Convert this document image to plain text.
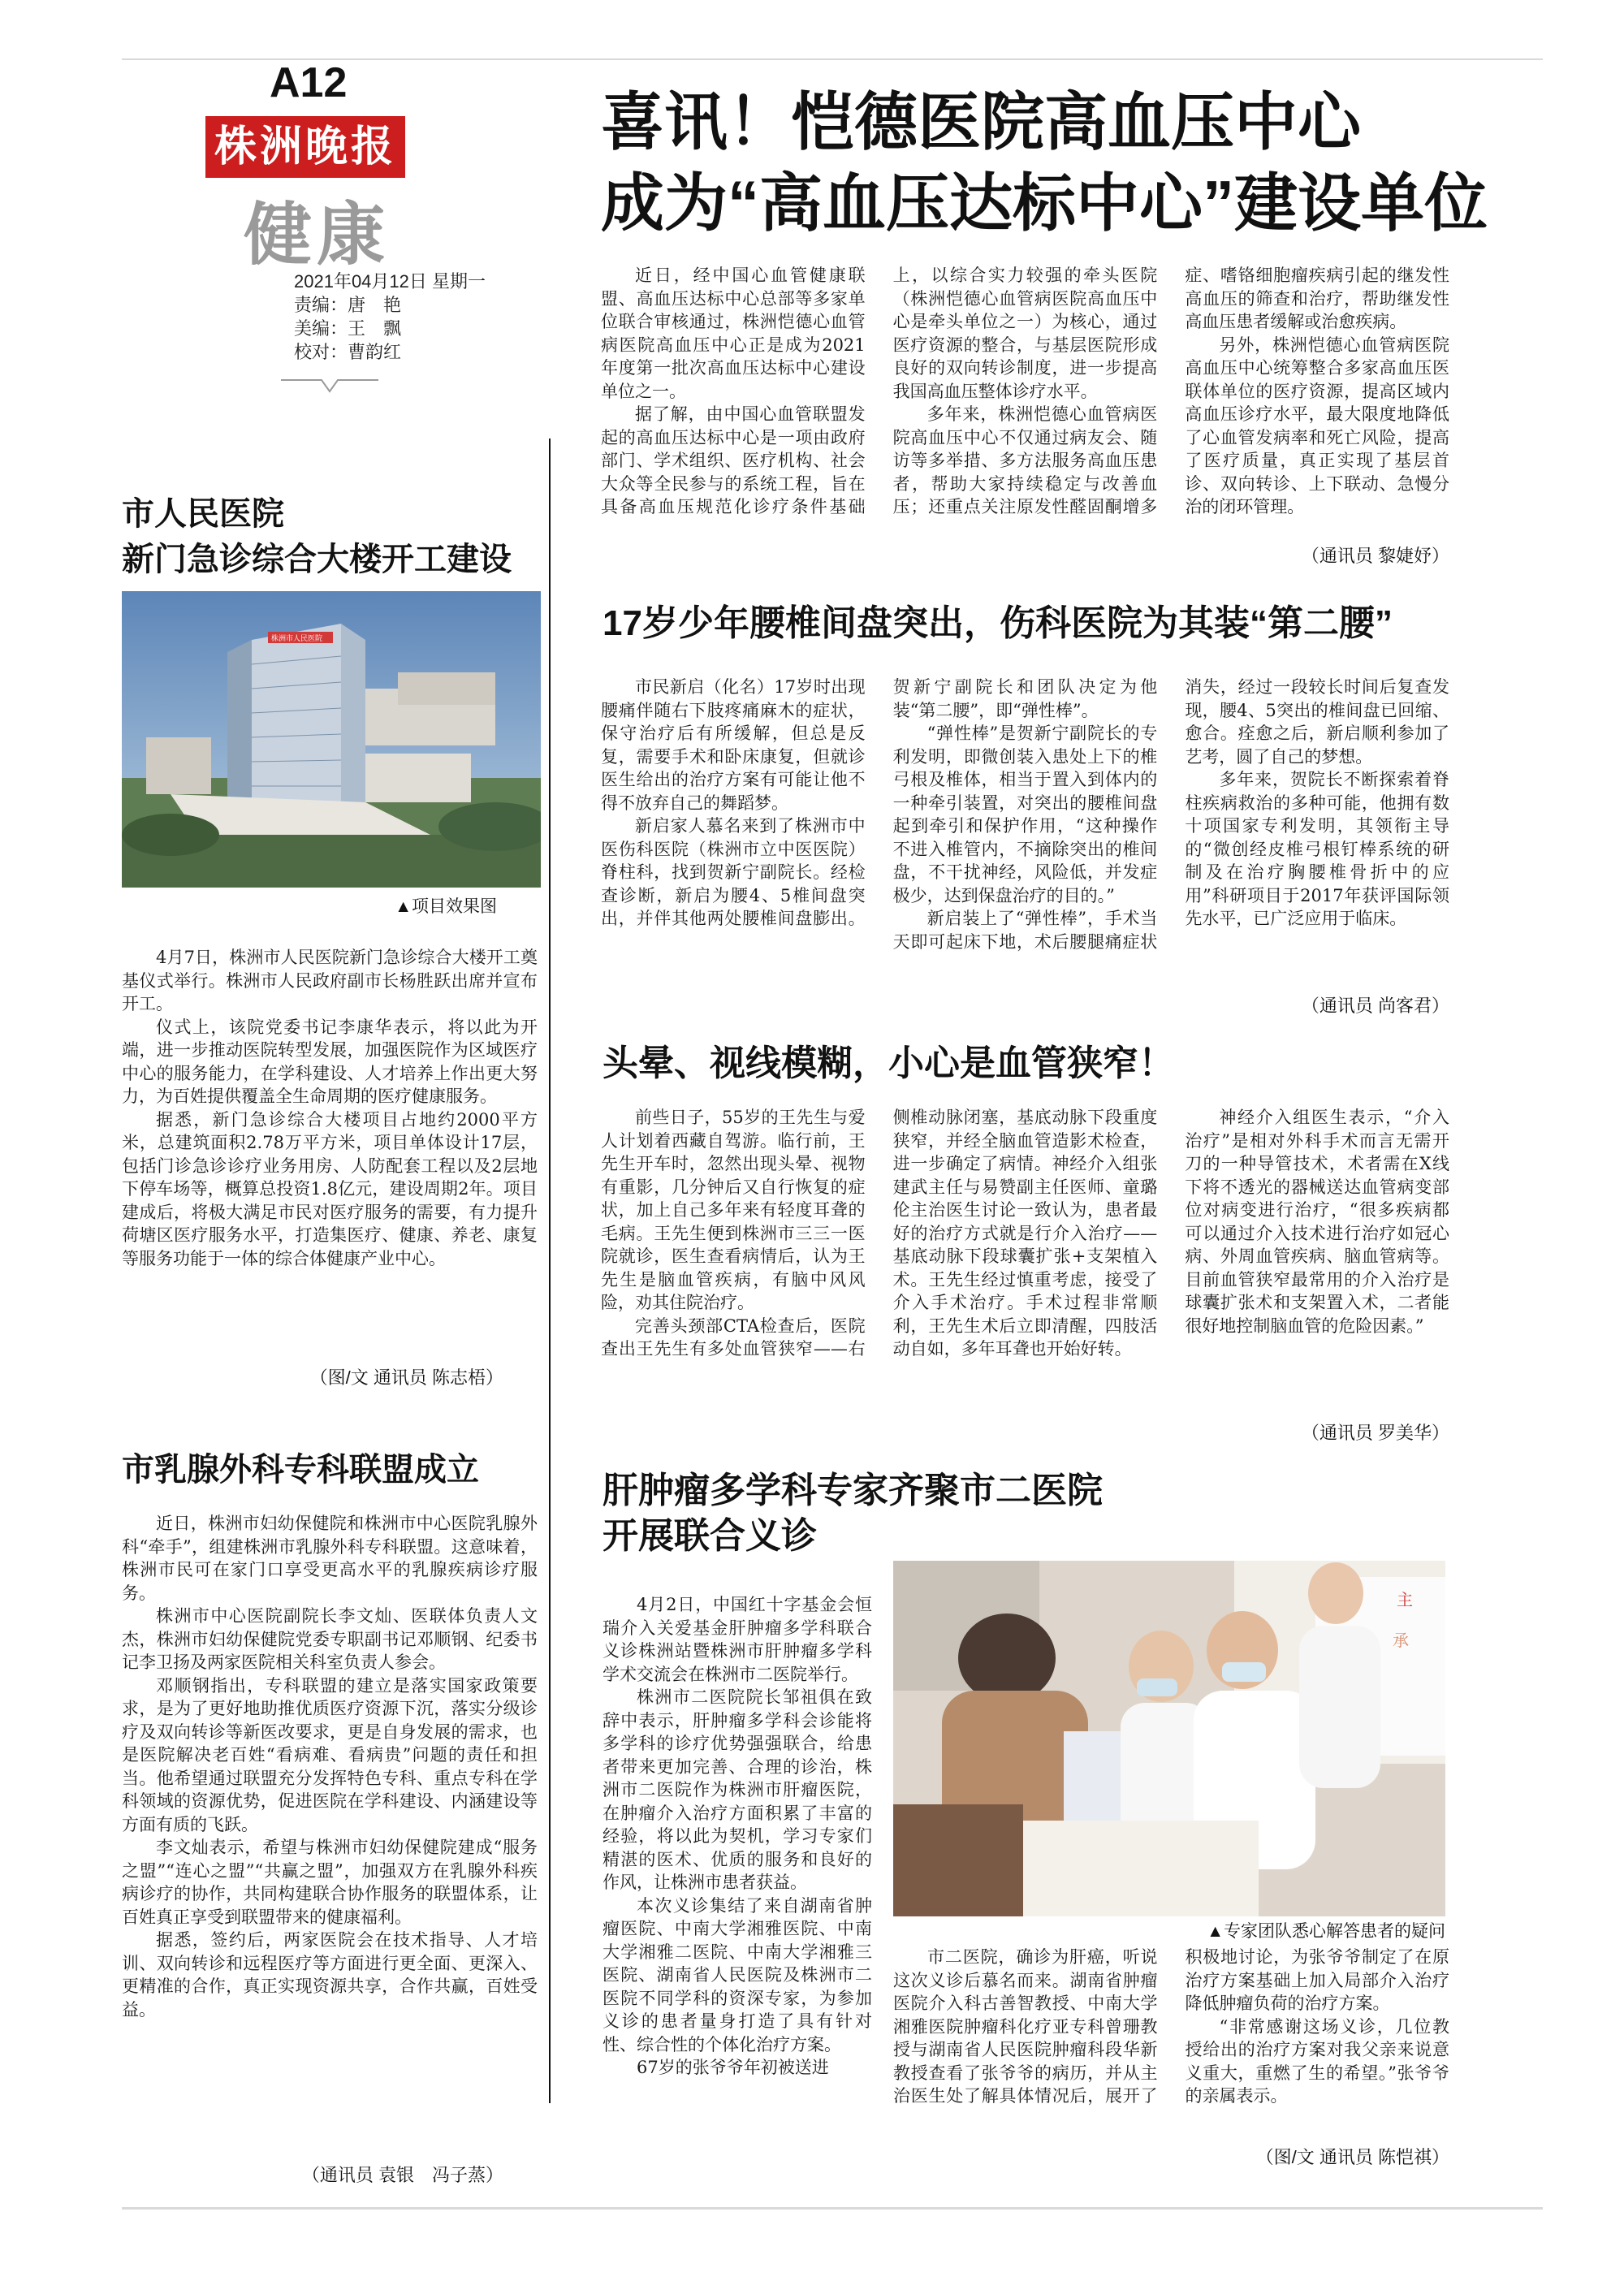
A12
株洲晚报
健康
2021年04月12日 星期一
责编：唐　艳
美编：王　飘
校对：曹韵红
喜讯！恺德医院高血压中心
成为“高血压达标中心”建设单位

近日，经中国心血管健康联盟、高血压达标中心总部等多家单位联合审核通过，株洲恺德心血管病医院高血压中心正是成为2021年度第一批次高血压达标中心建设单位之一。

据了解，由中国心血管联盟发起的高血压达标中心是一项由政府部门、学术组织、医疗机构、社会大众等全民参与的系统工程，旨在具备高血压规范化诊疗条件基础上，以综合实力较强的牵头医院（株洲恺德心血管病医院高血压中心是牵头单位之一）为核心，通过医疗资源的整合，与基层医院形成良好的双向转诊制度，进一步提高我国高血压整体诊疗水平。

多年来，株洲恺德心血管病医院高血压中心不仅通过病友会、随访等多举措、多方法服务高血压患者，帮助大家持续稳定与改善血压；还重点关注原发性醛固酮增多症、嗜铬细胞瘤疾病引起的继发性高血压的筛查和治疗，帮助继发性高血压患者缓解或治愈疾病。

另外，株洲恺德心血管病医院高血压中心统筹整合多家高血压医联体单位的医疗资源，提高区域内高血压诊疗水平，最大限度地降低了心血管发病率和死亡风险，提高了医疗质量，真正实现了基层首诊、双向转诊、上下联动、急慢分治的闭环管理。

（通讯员 黎婕妤）
17岁少年腰椎间盘突出，伤科医院为其装“第二腰”

市民新启（化名）17岁时出现腰痛伴随右下肢疼痛麻木的症状，保守治疗后有所缓解，但总是反复，需要手术和卧床康复，但就诊医生给出的治疗方案有可能让他不得不放弃自己的舞蹈梦。

新启家人慕名来到了株洲市中医伤科医院（株洲市立中医医院）脊柱科，找到贺新宁副院长。经检查诊断，新启为腰4、5椎间盘突出，并伴其他两处腰椎间盘膨出。贺新宁副院长和团队决定为他装“第二腰”，即“弹性棒”。

“弹性棒”是贺新宁副院长的专利发明，即微创装入患处上下的椎弓根及椎体，相当于置入到体内的一种牵引装置，对突出的腰椎间盘起到牵引和保护作用，“这种操作不进入椎管内，不摘除突出的椎间盘，不干扰神经，风险低，并发症极少，达到保盘治疗的目的。”

新启装上了“弹性棒”，手术当天即可起床下地，术后腰腿痛症状消失，经过一段较长时间后复查发现，腰4、5突出的椎间盘已回缩、愈合。痊愈之后，新启顺利参加了艺考，圆了自己的梦想。

多年来，贺院长不断探索着脊柱疾病救治的多种可能，他拥有数十项国家专利发明，其领衔主导的“微创经皮椎弓根钉棒系统的研制及在治疗胸腰椎骨折中的应用”科研项目于2017年获评国际领先水平，已广泛应用于临床。

（通讯员 尚客君）
头晕、视线模糊，小心是血管狭窄！

前些日子，55岁的王先生与爱人计划着西藏自驾游。临行前，王先生开车时，忽然出现头晕、视物有重影，几分钟后又自行恢复的症状，加上自己多年来有轻度耳聋的毛病。王先生便到株洲市三三一医院就诊，医生查看病情后，认为王先生是脑血管疾病，有脑中风风险，劝其住院治疗。

完善头颈部CTA检查后，医院查出王先生有多处血管狭窄——右侧椎动脉闭塞，基底动脉下段重度狭窄，并经全脑血管造影术检查，进一步确定了病情。神经介入组张建武主任与易赞副主任医师、童璐伦主治医生讨论一致认为，患者最好的治疗方式就是行介入治疗——基底动脉下段球囊扩张+支架植入术。王先生经过慎重考虑，接受了介入手术治疗。手术过程非常顺利，王先生术后立即清醒，四肢活动自如，多年耳聋也开始好转。

神经介入组医生表示，“介入治疗”是相对外科手术而言无需开刀的一种导管技术，术者需在X线下将不透光的器械送达血管病变部位对病变进行治疗，“很多疾病都可以通过介入技术进行治疗如冠心病、外周血管疾病、脑血管病等。目前血管狭窄最常用的介入治疗是球囊扩张术和支架置入术，二者能很好地控制脑血管的危险因素。”

（通讯员 罗美华）
肝肿瘤多学科专家齐聚市二医院
开展联合义诊

4月2日，中国红十字基金会恒瑞介入关爱基金肝肿瘤多学科联合义诊株洲站暨株洲市肝肿瘤多学科学术交流会在株洲市二医院举行。

株洲市二医院院长邹祖俱在致辞中表示，肝肿瘤多学科会诊能将多学科的诊疗优势强强联合，给患者带来更加完善、合理的诊治，株洲市二医院作为株洲市肝瘤医院，在肿瘤介入治疗方面积累了丰富的经验，将以此为契机，学习专家们精湛的医术、优质的服务和良好的作风，让株洲市患者获益。

本次义诊集结了来自湖南省肿瘤医院、中南大学湘雅医院、中南大学湘雅二医院、中南大学湘雅三医院、湖南省人民医院及株洲市二医院不同学科的资深专家，为参加义诊的患者量身打造了具有针对性、综合性的个体化治疗方案。

67岁的张爷爷年初被送进

主
承
▲专家团队悉心解答患者的疑问

市二医院，确诊为肝癌，听说这次义诊后慕名而来。湖南省肿瘤医院介入科古善智教授、中南大学湘雅医院肿瘤科化疗亚专科曾珊教授与湖南省人民医院肿瘤科段华新教授查看了张爷爷的病历，并从主治医生处了解具体情况后，展开了积极地讨论，为张爷爷制定了在原治疗方案基础上加入局部介入治疗降低肿瘤负荷的治疗方案。

“非常感谢这场义诊，几位教授给出的治疗方案对我父亲来说意义重大，重燃了生的希望。”张爷爷的亲属表示。

（图/文 通讯员 陈恺祺）
市人民医院
新门急诊综合大楼开工建设
株洲市人民医院
▲项目效果图

4月7日，株洲市人民医院新门急诊综合大楼开工奠基仪式举行。株洲市人民政府副市长杨胜跃出席并宣布开工。

仪式上，该院党委书记李康华表示，将以此为开端，进一步推动医院转型发展，加强医院作为区域医疗中心的服务能力，在学科建设、人才培养上作出更大努力，为百姓提供覆盖全生命周期的医疗健康服务。

据悉，新门急诊综合大楼项目占地约2000平方米，总建筑面积2.78万平方米，项目单体设计17层，包括门诊急诊诊疗业务用房、人防配套工程以及2层地下停车场等，概算总投资1.8亿元，建设周期2年。项目建成后，将极大满足市民对医疗服务的需要，有力提升荷塘区医疗服务水平，打造集医疗、健康、养老、康复等服务功能于一体的综合体健康产业中心。

（图/文 通讯员 陈志梧）
市乳腺外科专科联盟成立

近日，株洲市妇幼保健院和株洲市中心医院乳腺外科“牵手”，组建株洲市乳腺外科专科联盟。这意味着，株洲市民可在家门口享受更高水平的乳腺疾病诊疗服务。

株洲市中心医院副院长李文灿、医联体负责人文杰，株洲市妇幼保健院党委专职副书记邓顺钢、纪委书记李卫扬及两家医院相关科室负责人参会。

邓顺钢指出，专科联盟的建立是落实国家政策要求，是为了更好地助推优质医疗资源下沉，落实分级诊疗及双向转诊等新医改要求，更是自身发展的需求，也是医院解决老百姓“看病难、看病贵”问题的责任和担当。他希望通过联盟充分发挥特色专科、重点专科在学科领域的资源优势，促进医院在学科建设、内涵建设等方面有质的飞跃。

李文灿表示，希望与株洲市妇幼保健院建成“服务之盟”“连心之盟”“共赢之盟”，加强双方在乳腺外科疾病诊疗的协作，共同构建联合协作服务的联盟体系，让百姓真正享受到联盟带来的健康福利。

据悉，签约后，两家医院会在技术指导、人才培训、双向转诊和远程医疗等方面进行更全面、更深入、更精准的合作，真正实现资源共享，合作共赢，百姓受益。

（通讯员 袁银　冯子蒸）
